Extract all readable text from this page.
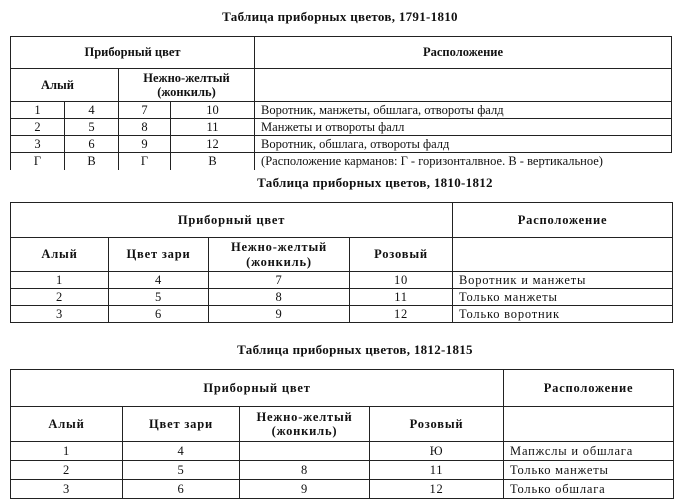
Таблица приборных цветов, 1791-1810
Приборный цвет				Расположение
Алый		Нежно-желтый (жонкиль)		
1	4	7	10	Воротник, манжеты, обшлага, отвороты фалд
2	5	8	11	Манжеты и отвороты фалл
3	6	9	12	Воротник, обшлага, отвороты фалд
Г	В	Г	В	(Расположение карманов: Г - горизонталвное. В - вертикальное)
Таблица приборных цветов, 1810-1812
Приборный цвет				Расположение
Алый	Цвет зари	Нежно-желтый (жонкиль)	Розовый	
1	4	7	10	Воротник и манжеты
2	5	8	11	Только манжеты
3	6	9	12	Только воротник
Таблица приборных цветов, 1812-1815
Приборный цвет				Расположение
Алый	Цвет зари	Нежно-желтый (жонкиль)	Розовый	
1	4		Ю	Мапжслы и обшлага
2	5	8	11	Только манжеты
3	6	9	12	Только обшлага
